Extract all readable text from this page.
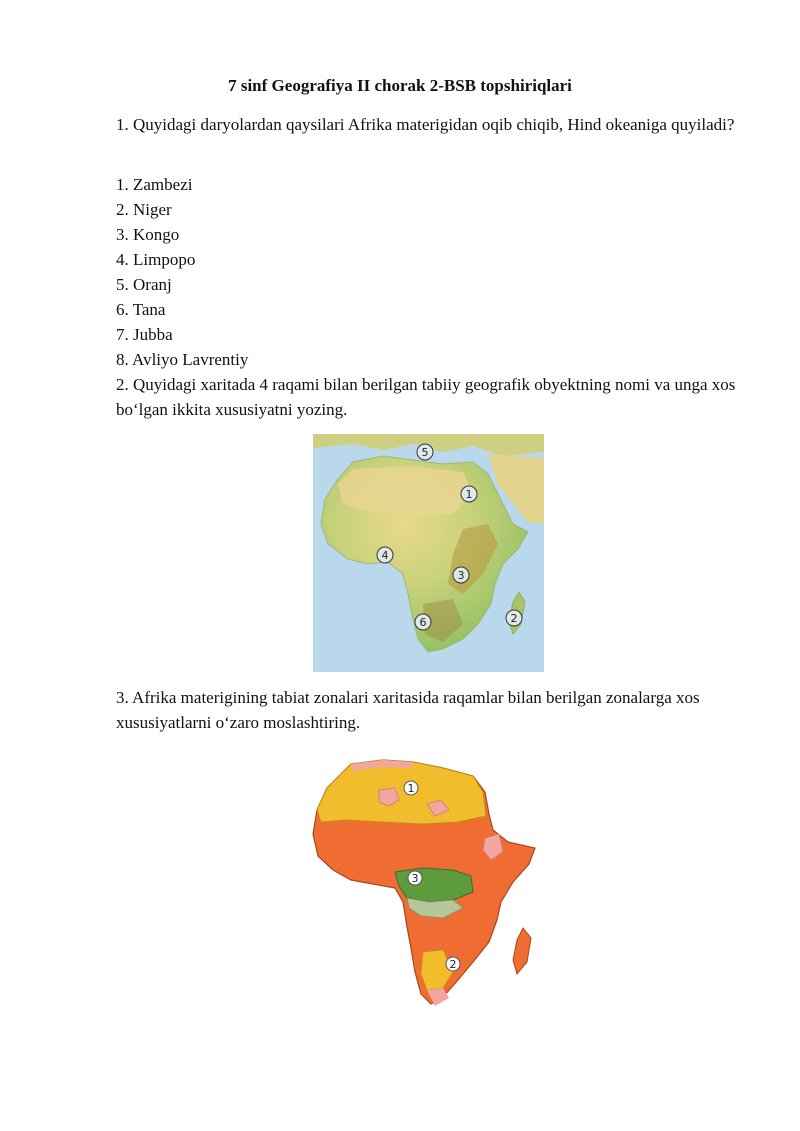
7 sinf Geografiya II chorak 2-BSB topshiriqlari
1. Quyidagi daryolardan qaysilari Afrika materigidan oqib chiqib, Hind okeaniga quyiladi?
1. Zambezi
2. Niger
3. Kongo
4. Limpopo
5. Oranj
6. Tana
7. Jubba
8. Avliyo Lavrentiy
2. Quyidagi xaritada 4 raqami bilan berilgan tabiiy geografik obyektning nomi va unga xos bo‘lgan ikkita xususiyatni yozing.
5
1
4
3
6	2
3. Afrika materigining tabiat zonalari xaritasida raqamlar bilan berilgan zonalarga xos xususiyatlarni o‘zaro moslashtiring.
1
3
2
